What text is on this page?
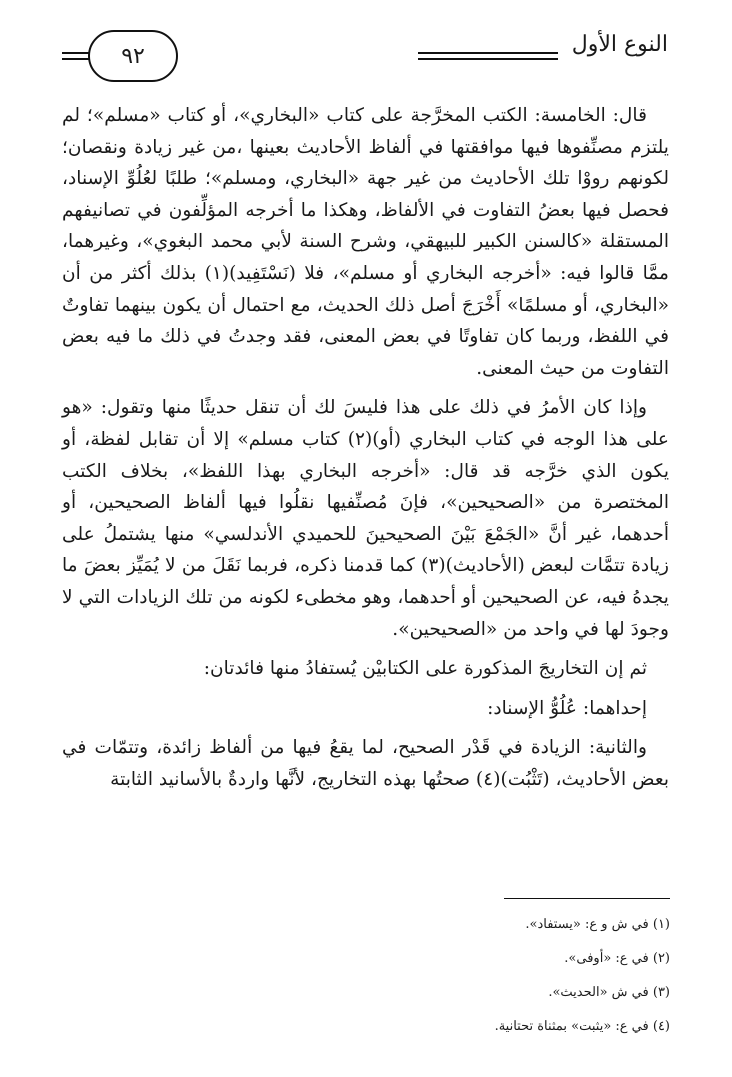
النوع الأول
٩٢

قال: الخامسة: الكتب المخرَّجة على كتاب «البخاري»، أو كتاب «مسلم»؛ لم يلتزم مصنِّفوها فيها موافقتها في ألفاظ الأحاديث بعينها ،من غير زيادة ونقصان؛ لكونهم رووْا تلك الأحاديث من غير جهة «البخاري، ومسلم»؛ طلبًا لعُلُوِّ الإسناد، فحصل فيها بعضُ التفاوت في الألفاظ، وهكذا ما أخرجه المؤلِّفون في تصانيفهم المستقلة «كالسنن الكبير للبيهقي، وشرح السنة لأبي محمد البغوي»، وغيرهما، ممَّا قالوا فيه: «أخرجه البخاري أو مسلم»، فلا (نَسْتَفِيد)(١) بذلك أكثر من أن «البخاري، أو مسلمًا» أَخْرَجَ أصل ذلك الحديث، مع احتمال أن يكون بينهما تفاوتٌ في اللفظ، وربما كان تفاوتًا في بعض المعنى، فقد وجدتُ في ذلك ما فيه بعض التفاوت من حيث المعنى.

وإذا كان الأمرُ في ذلك على هذا فليسَ لك أن تنقل حديثًا منها وتقول: «هو على هذا الوجه في كتاب البخاري (أو)(٢) كتاب مسلم» إلا أن تقابل لفظة، أو يكون الذي خرَّجه قد قال: «أخرجه البخاري بهذا اللفظ»، بخلاف الكتب المختصرة من «الصحيحين»، فإنَ مُصنِّفيها نقلُوا فيها ألفاظ الصحيحين، أو أحدهما، غير أنَّ «الجَمْعَ بَيْنَ الصحيحينَ للحميدي الأندلسي» منها يشتملُ على زيادة تتمَّات لبعض (الأحاديث)(٣) كما قدمنا ذكره، فربما نَقَلَ من لا يُمَيِّز بعضَ ما يجدهُ فيه، عن الصحيحين أو أحدهما، وهو مخطىء لكونه من تلك الزيادات التي لا وجودَ لها في واحد من «الصحيحين».

ثم إن التخاريجَ المذكورة على الكتابيْن يُستفادُ منها فائدتان:

إحداهما: عُلُوُّ الإسناد:

والثانية: الزيادة في قَدْر الصحيح، لما يقعُ فيها من ألفاظ زائدة، وتتمّات في بعض الأحاديث، (تَثْبُت)(٤) صحتُها بهذه التخاريج، لأنَّها واردةٌ بالأسانيد الثابتة

(١) في ش و ع: «يستفاد».
(٢) في ع: «أوفى».
(٣) في ش «الحديث».
(٤) في ع: «يثبت» بمثناة تحتانية.
